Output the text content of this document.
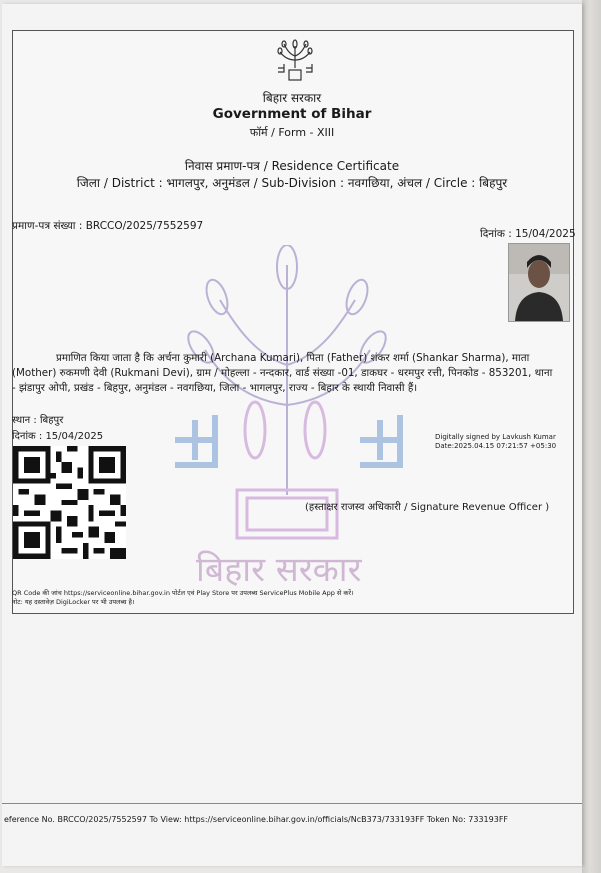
बिहार सरकार
Government of Bihar
फॉर्म / Form - XIII
निवास प्रमाण-पत्र / Residence Certificate
जिला / District : भागलपुर, अनुमंडल / Sub-Division : नवगछिया, अंचल / Circle : बिहपुर
प्रमाण-पत्र संख्या : BRCCO/2025/7552597
दिनांक : 15/04/2025
बिहार सरकार
प्रमाणित किया जाता है कि अर्चना कुमारी (Archana Kumari), पिता (Father) शंकर शर्मा (Shankar Sharma), माता
(Mother) रुकमणी देवी (Rukmani Devi), ग्राम / मोहल्ला - नन्दकार, वार्ड संख्या -01, डाकघर - धरमपुर रत्ती, पिनकोड - 853201, थाना
- झंडापुर ओपी, प्रखंड - बिहपुर, अनुमंडल - नवगछिया, जिला - भागलपुर, राज्य - बिहार के स्थायी निवासी हैं।
स्थान : बिहपुर
दिनांक : 15/04/2025	Digitally signed by Lavkush Kumar
Date:2025.04.15 07:21:57 +05:30
(हस्ताक्षर राजस्व अधिकारी / Signature Revenue Officer )
QR Code की जांच https://serviceonline.bihar.gov.in पोर्टल एवं Play Store पर उपलब्ध ServicePlus Mobile App से करें।
नोट: यह दस्तावेज़ DigiLocker पर भी उपलब्ध है।
eference No. BRCCO/2025/7552597 To View: https://serviceonline.bihar.gov.in/officials/NcB373/733193FF Token No: 733193FF
